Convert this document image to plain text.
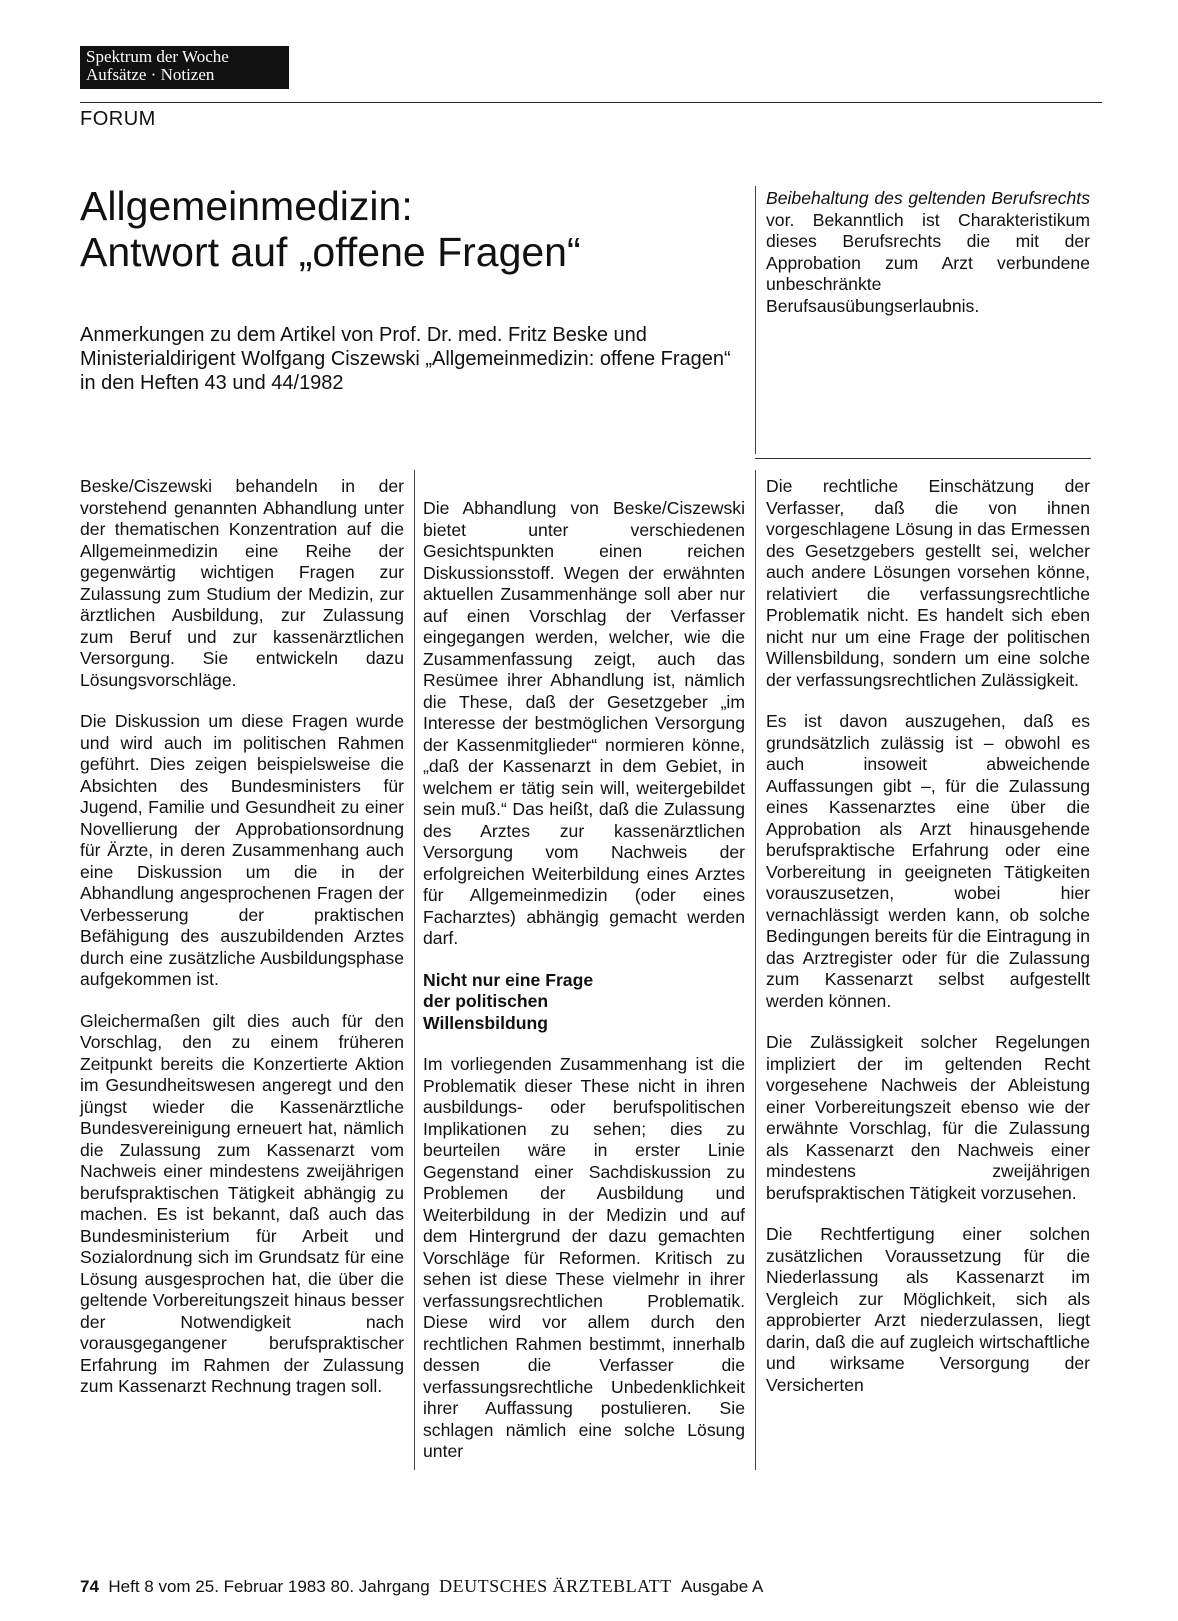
Spektrum der Woche
Aufsätze · Notizen
FORUM
Allgemeinmedizin:
Antwort auf „offene Fragen“
Anmerkungen zu dem Artikel von Prof. Dr. med. Fritz Beske und Ministerialdirigent Wolfgang Ciszewski „Allgemeinmedizin: offene Fragen“ in den Heften 43 und 44/1982

Beske/Ciszewski behandeln in der vorstehend genannten Abhandlung unter der thematischen Konzentration auf die Allgemeinmedizin eine Reihe der gegenwärtig wichtigen Fragen zur Zulassung zum Studium der Medizin, zur ärztlichen Ausbildung, zur Zulassung zum Beruf und zur kassenärztlichen Versorgung. Sie entwickeln dazu Lösungsvorschläge.

Die Diskussion um diese Fragen wurde und wird auch im politischen Rahmen geführt. Dies zeigen beispielsweise die Absichten des Bundesministers für Jugend, Familie und Gesundheit zu einer Novellierung der Approbationsordnung für Ärzte, in deren Zusammenhang auch eine Diskussion um die in der Abhandlung angesprochenen Fragen der Verbesserung der praktischen Befähigung des auszubildenden Arztes durch eine zusätzliche Ausbildungsphase aufgekommen ist.

Gleichermaßen gilt dies auch für den Vorschlag, den zu einem früheren Zeitpunkt bereits die Konzertierte Aktion im Gesundheitswesen angeregt und den jüngst wieder die Kassenärztliche Bundesvereinigung erneuert hat, nämlich die Zulassung zum Kassenarzt vom Nachweis einer mindestens zweijährigen berufspraktischen Tätigkeit abhängig zu machen. Es ist bekannt, daß auch das Bundesministerium für Arbeit und Sozialordnung sich im Grundsatz für eine Lösung ausgesprochen hat, die über die geltende Vorbereitungszeit hinaus besser der Notwendigkeit nach vorausgegangener berufspraktischer Erfahrung im Rahmen der Zulassung zum Kassenarzt Rechnung tragen soll.

Die Abhandlung von Beske/Ciszewski bietet unter verschiedenen Gesichtspunkten einen reichen Diskussionsstoff. Wegen der erwähnten aktuellen Zusammenhänge soll aber nur auf einen Vorschlag der Verfasser eingegangen werden, welcher, wie die Zusammenfassung zeigt, auch das Resümee ihrer Abhandlung ist, nämlich die These, daß der Gesetzgeber „im Interesse der bestmöglichen Versorgung der Kassenmitglieder“ normieren könne, „daß der Kassenarzt in dem Gebiet, in welchem er tätig sein will, weitergebildet sein muß.“ Das heißt, daß die Zulassung des Arztes zur kassenärztlichen Versorgung vom Nachweis der erfolgreichen Weiterbildung eines Arztes für Allgemeinmedizin (oder eines Facharztes) abhängig gemacht werden darf.

Nicht nur eine Frage der politischen Willensbildung

Im vorliegenden Zusammenhang ist die Problematik dieser These nicht in ihren ausbildungs- oder berufspolitischen Implikationen zu sehen; dies zu beurteilen wäre in erster Linie Gegenstand einer Sachdiskussion zu Problemen der Ausbildung und Weiterbildung in der Medizin und auf dem Hintergrund der dazu gemachten Vorschläge für Reformen. Kritisch zu sehen ist diese These vielmehr in ihrer verfassungsrechtlichen Problematik. Diese wird vor allem durch den rechtlichen Rahmen bestimmt, innerhalb dessen die Verfasser die verfassungsrechtliche Unbedenklichkeit ihrer Auffassung postulieren. Sie schlagen nämlich eine solche Lösung unter

Beibehaltung des geltenden Berufsrechts vor. Bekanntlich ist Charakteristikum dieses Berufsrechts die mit der Approbation zum Arzt verbundene unbeschränkte Berufsausübungserlaubnis.

Die rechtliche Einschätzung der Verfasser, daß die von ihnen vorgeschlagene Lösung in das Ermessen des Gesetzgebers gestellt sei, welcher auch andere Lösungen vorsehen könne, relativiert die verfassungsrechtliche Problematik nicht. Es handelt sich eben nicht nur um eine Frage der politischen Willensbildung, sondern um eine solche der verfassungsrechtlichen Zulässigkeit.

Es ist davon auszugehen, daß es grundsätzlich zulässig ist – obwohl es auch insoweit abweichende Auffassungen gibt –, für die Zulassung eines Kassenarztes eine über die Approbation als Arzt hinausgehende berufspraktische Erfahrung oder eine Vorbereitung in geeigneten Tätigkeiten vorauszusetzen, wobei hier vernachlässigt werden kann, ob solche Bedingungen bereits für die Eintragung in das Arztregister oder für die Zulassung zum Kassenarzt selbst aufgestellt werden können.

Die Zulässigkeit solcher Regelungen impliziert der im geltenden Recht vorgesehene Nachweis der Ableistung einer Vorbereitungszeit ebenso wie der erwähnte Vorschlag, für die Zulassung als Kassenarzt den Nachweis einer mindestens zweijährigen berufspraktischen Tätigkeit vorzusehen.

Die Rechtfertigung einer solchen zusätzlichen Voraussetzung für die Niederlassung als Kassenarzt im Vergleich zur Möglichkeit, sich als approbierter Arzt niederzulassen, liegt darin, daß die auf zugleich wirtschaftliche und wirksame Versorgung der Versicherten

74 Heft 8 vom 25. Februar 1983 80. Jahrgang DEUTSCHES ÄRZTEBLATT Ausgabe A
